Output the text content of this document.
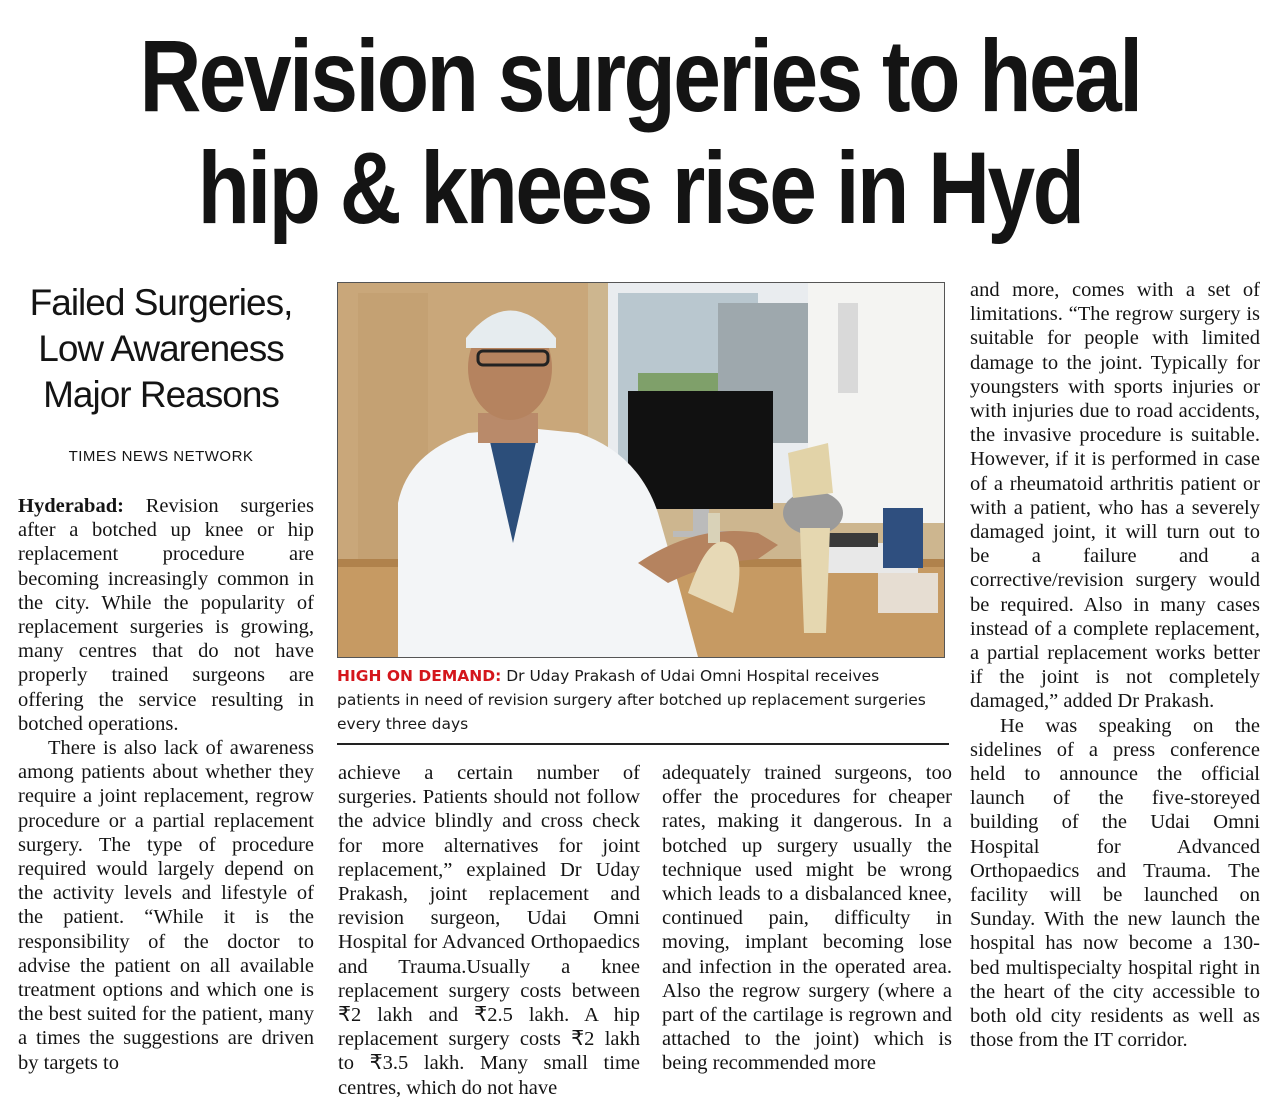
Revision surgeries to heal
hip & knees rise in Hyd
Failed Surgeries,
Low Awareness
Major Reasons
TIMES NEWS NETWORK

Hyderabad: Revision surgeries after a botched up knee or hip replacement procedure are becoming increasingly common in the city. While the popularity of replacement surgeries is growing, many centres that do not have properly trained surgeons are offering the service resulting in botched operations.

There is also lack of awareness among patients about whether they require a joint replacement, regrow procedure or a partial replacement surgery. The type of procedure required would largely depend on the activity levels and lifestyle of the patient. “While it is the responsibility of the doctor to advise the patient on all available treatment options and which one is the best suited for the patient, many a times the suggestions are driven by targets to

achieve a certain number of surgeries. Patients should not follow the advice blindly and cross check for more alternatives for joint replacement,” explained Dr Uday Prakash, joint replacement and revision surgeon, Udai Omni Hospital for Advanced Orthopaedics and Trauma.Usually a knee replacement surgery costs between ₹2 lakh and ₹2.5 lakh. A hip replacement surgery costs ₹2 lakh to ₹3.5 lakh. Many small time centres, which do not have

adequately trained surgeons, too offer the procedures for cheaper rates, making it dangerous. In a botched up surgery usually the technique used might be wrong which leads to a disbalanced knee, continued pain, difficulty in moving, implant becoming lose and infection in the operated area. Also the regrow surgery (where a part of the cartilage is regrown and attached to the joint) which is being recommended more

and more, comes with a set of limitations. “The regrow surgery is suitable for people with limited damage to the joint. Typically for youngsters with sports injuries or with injuries due to road accidents, the invasive procedure is suitable. However, if it is performed in case of a rheumatoid arthritis patient or with a patient, who has a severely damaged joint, it will turn out to be a failure and a corrective/revision surgery would be required. Also in many cases instead of a complete replacement, a partial replacement works better if the joint is not completely damaged,” added Dr Prakash.

He was speaking on the sidelines of a press conference held to announce the official launch of the five-storeyed building of the Udai Omni Hospital for Advanced Orthopaedics and Trauma. The facility will be launched on Sunday. With the new launch the hospital has now become a 130-bed multispecialty hospital right in the heart of the city accessible to both old city residents as well as those from the IT corridor.

HIGH ON DEMAND: Dr Uday Prakash of Udai Omni Hospital receives patients in need of revision surgery after botched up replacement surgeries every three days
